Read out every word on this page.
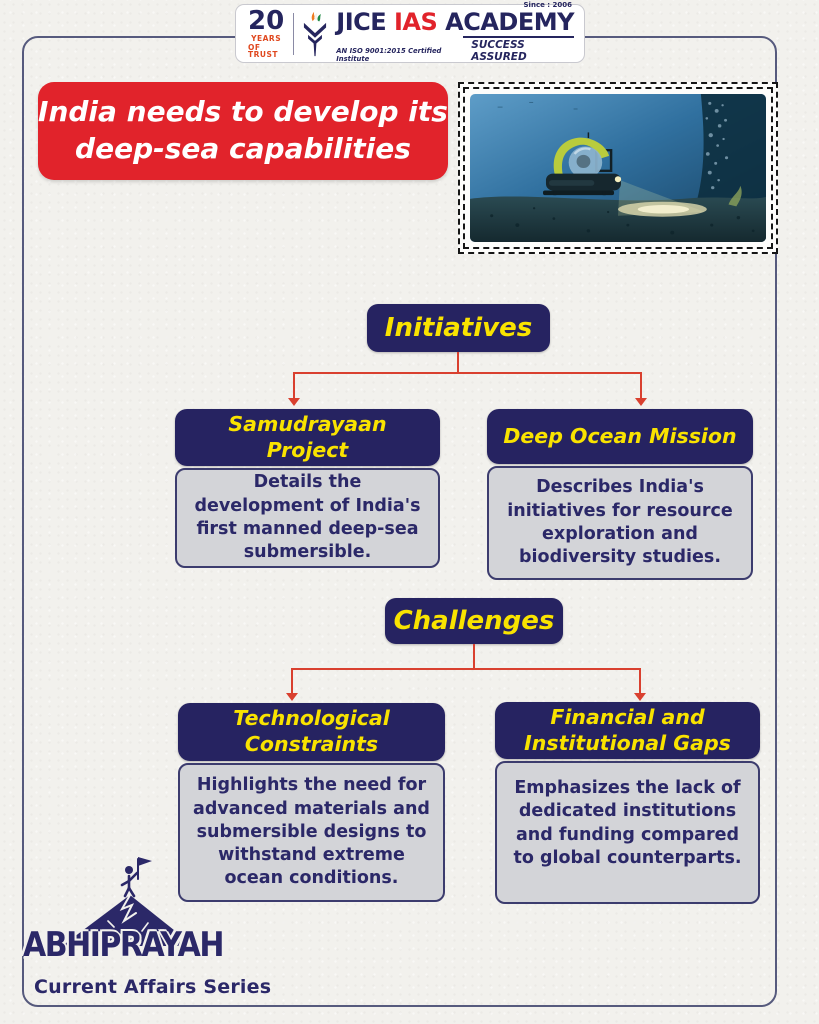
20
YEARS
OF TRUST
Since : 2006
JICE IAS ACADEMY
AN ISO 9001:2015 Certified Institute
SUCCESS ASSURED
India needs to develop its
deep-sea capabilities
Initiatives
Samudrayaan Project
Details the development of India's first manned deep-sea submersible.
Deep Ocean Mission
Describes India's initiatives for resource exploration and biodiversity studies.
Challenges
Technological Constraints
Highlights the need for advanced materials and submersible designs to withstand extreme ocean conditions.
Financial and Institutional Gaps
Emphasizes the lack of dedicated institutions and funding compared to global counterparts.
ABHIPRAYAH
Current Affairs Series
